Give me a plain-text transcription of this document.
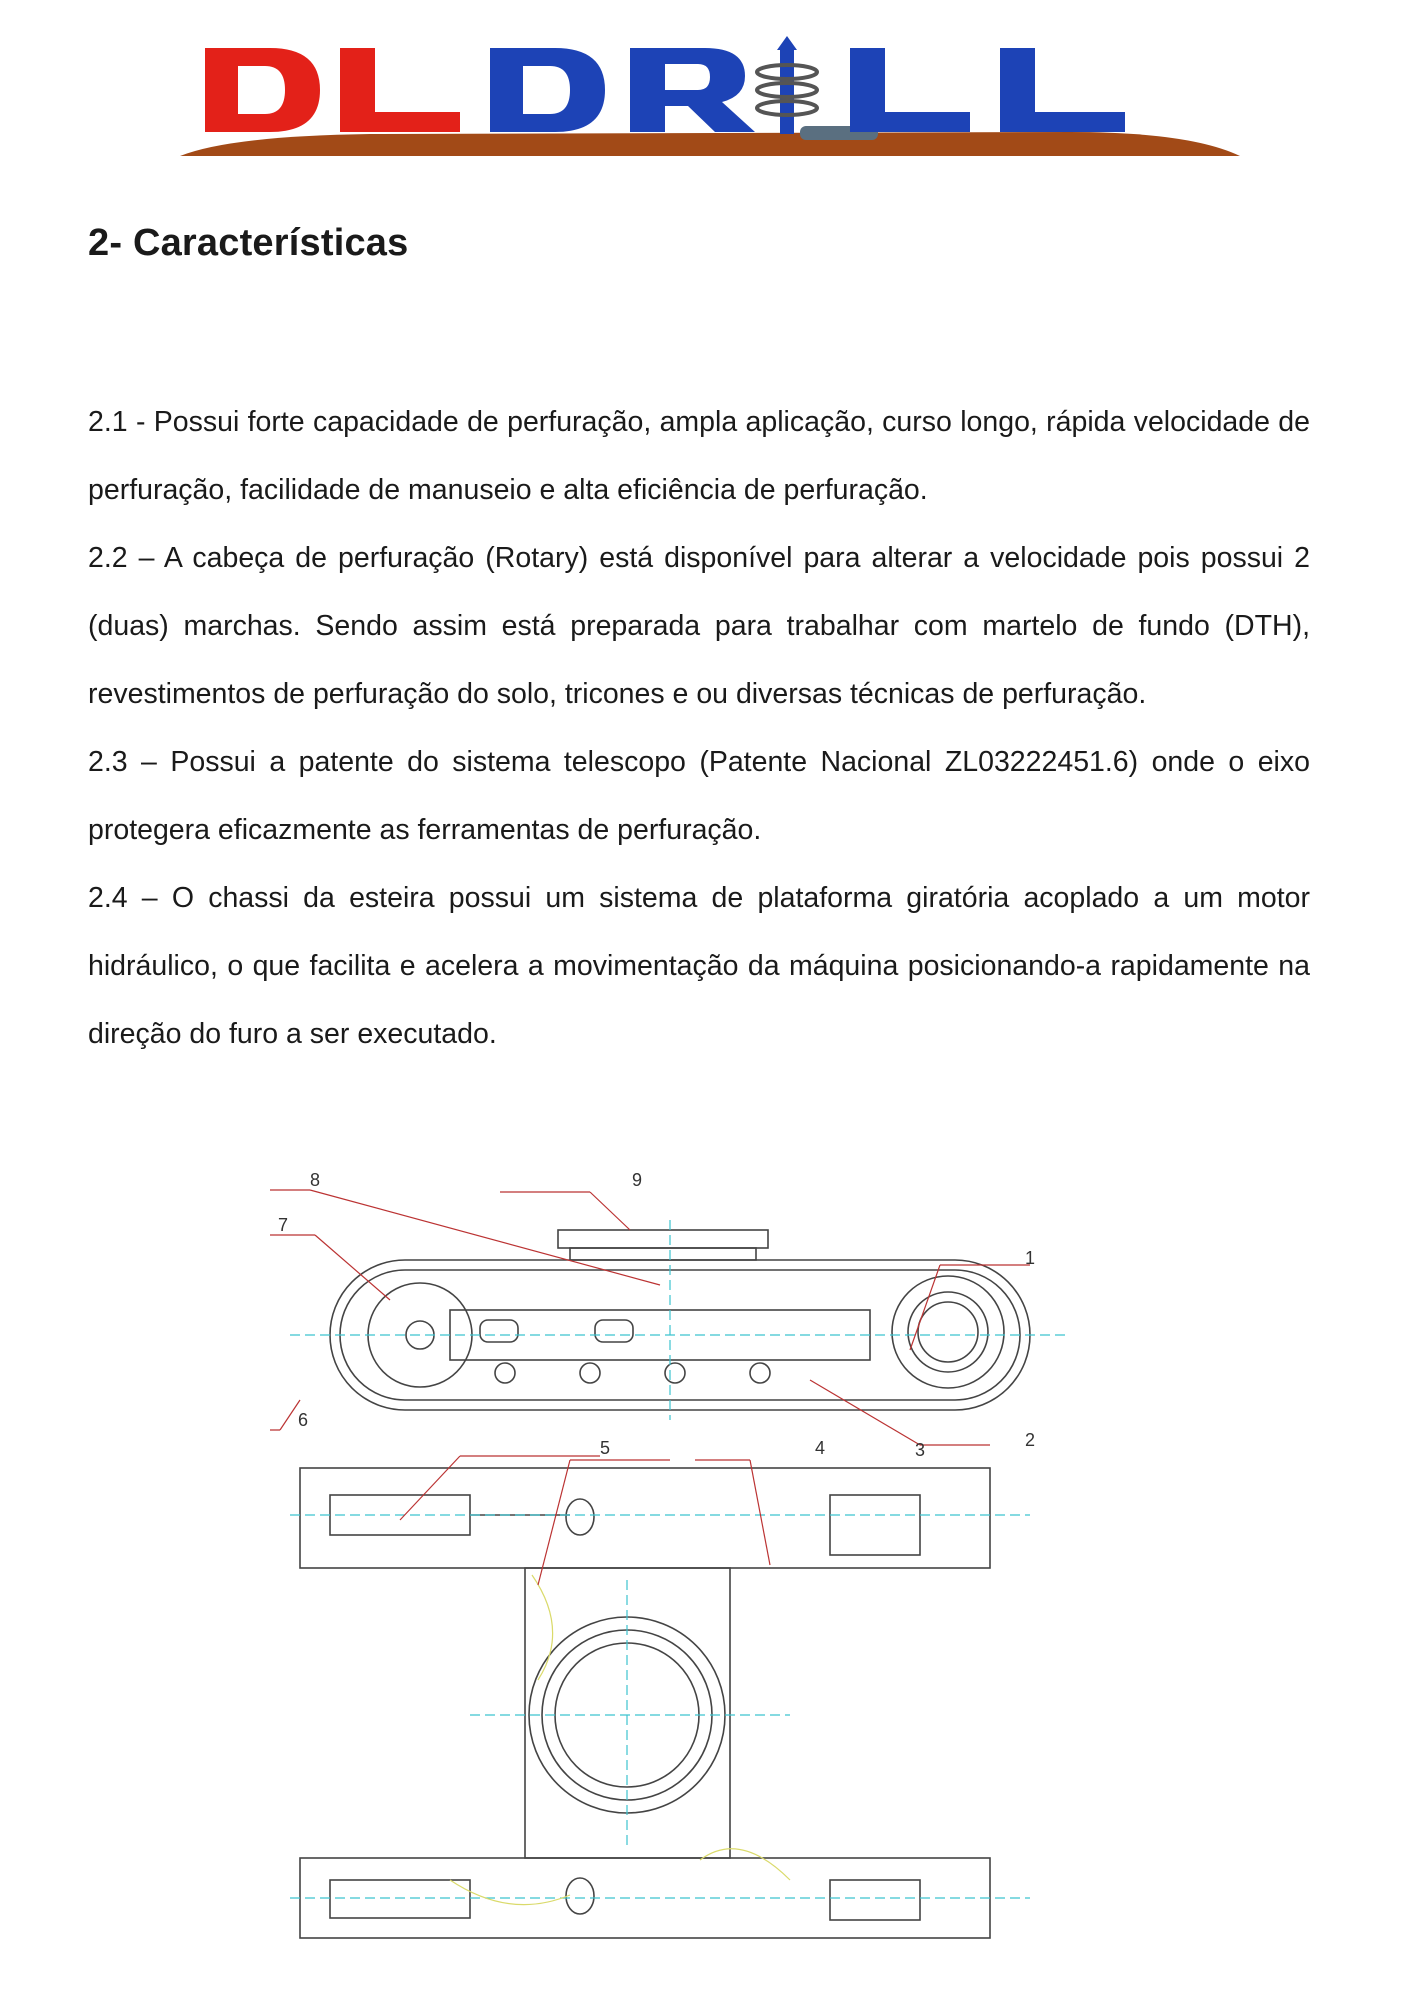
2- Características

2.1 - Possui forte capacidade de perfuração, ampla aplicação, curso longo, rápida velocidade de perfuração, facilidade de manuseio e alta eficiência de perfuração.

2.2 – A cabeça de perfuração (Rotary) está disponível para alterar a velocidade pois possui 2 (duas) marchas. Sendo assim está preparada para trabalhar com martelo de fundo (DTH), revestimentos de perfuração do solo, tricones e ou diversas técnicas de perfuração.

2.3 – Possui a patente do sistema telescopo (Patente Nacional ZL03222451.6) onde o eixo protegera eficazmente as ferramentas de perfuração.

2.4 – O chassi da esteira possui um sistema de plataforma giratória acoplado a um motor hidráulico, o que facilita e acelera a movimentação da máquina posicionando-a rapidamente na direção do furo a ser executado.

1
2
3
4
5
6
7
8	9
